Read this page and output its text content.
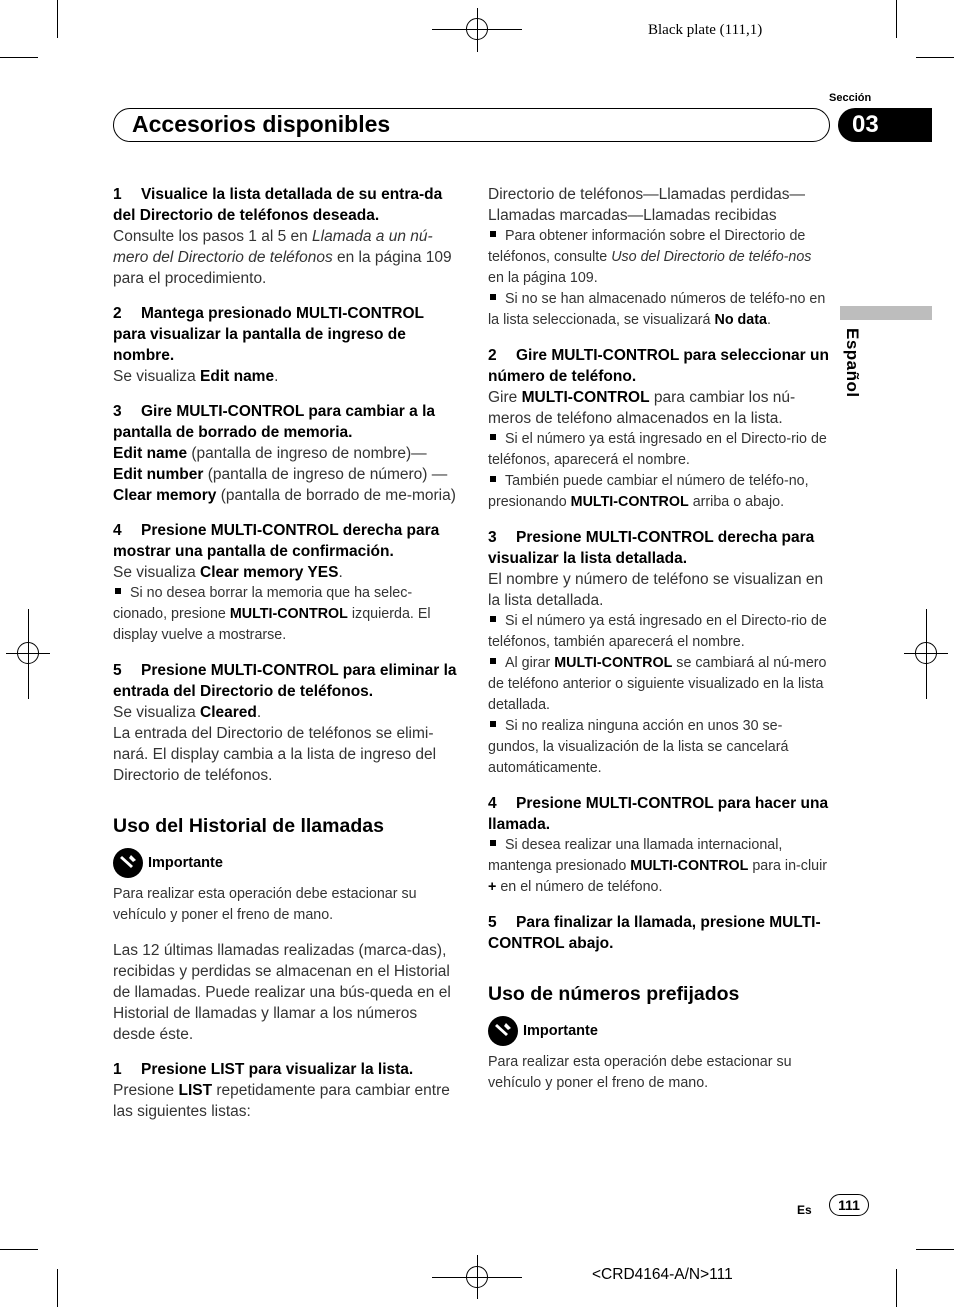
Black plate (111,1)
Sección
Accesorios disponibles	03
Español

1 Visualice la lista detallada de su entra-da del Directorio de teléfonos deseada.

Consulte los pasos 1 al 5 en Llamada a un nú-mero del Directorio de teléfonos en la página 109 para el procedimiento.

2 Mantega presionado MULTI-CONTROL para visualizar la pantalla de ingreso de nombre.

Se visualiza Edit name.

3 Gire MULTI-CONTROL para cambiar a la pantalla de borrado de memoria.

Edit name (pantalla de ingreso de nombre)— Edit number (pantalla de ingreso de número) —Clear memory (pantalla de borrado de me-moria)

4 Presione MULTI-CONTROL derecha para mostrar una pantalla de confirmación.

Se visualiza Clear memory YES.

Si no desea borrar la memoria que ha selec-cionado, presione MULTI-CONTROL izquierda. El display vuelve a mostrarse.

5 Presione MULTI-CONTROL para eliminar la entrada del Directorio de teléfonos.

Se visualiza Cleared.

La entrada del Directorio de teléfonos se elimi-nará. El display cambia a la lista de ingreso del Directorio de teléfonos.

Uso del Historial de llamadas

Importante

Para realizar esta operación debe estacionar su vehículo y poner el freno de mano.

Las 12 últimas llamadas realizadas (marca-das), recibidas y perdidas se almacenan en el Historial de llamadas. Puede realizar una bús-queda en el Historial de llamadas y llamar a los números desde éste.

1 Presione LIST para visualizar la lista.

Presione LIST repetidamente para cambiar entre las siguientes listas:

Directorio de teléfonos—Llamadas perdidas—Llamadas marcadas—Llamadas recibidas

Para obtener información sobre el Directorio de teléfonos, consulte Uso del Directorio de teléfo-nos en la página 109.

Si no se han almacenado números de teléfo-no en la lista seleccionada, se visualizará No data.

2 Gire MULTI-CONTROL para seleccionar un número de teléfono.

Gire MULTI-CONTROL para cambiar los nú-meros de teléfono almacenados en la lista.

Si el número ya está ingresado en el Directo-rio de teléfonos, aparecerá el nombre.

También puede cambiar el número de teléfo-no, presionando MULTI-CONTROL arriba o abajo.

3 Presione MULTI-CONTROL derecha para visualizar la lista detallada.

El nombre y número de teléfono se visualizan en la lista detallada.

Si el número ya está ingresado en el Directo-rio de teléfonos, también aparecerá el nombre.

Al girar MULTI-CONTROL se cambiará al nú-mero de teléfono anterior o siguiente visualizado en la lista detallada.

Si no realiza ninguna acción en unos 30 se-gundos, la visualización de la lista se cancelará automáticamente.

4 Presione MULTI-CONTROL para hacer una llamada.

Si desea realizar una llamada internacional, mantenga presionado MULTI-CONTROL para in-cluir + en el número de teléfono.

5 Para finalizar la llamada, presione MULTI-CONTROL abajo.

Uso de números prefijados

Importante

Para realizar esta operación debe estacionar su vehículo y poner el freno de mano.

Es	111
<CRD4164-A/N>111
